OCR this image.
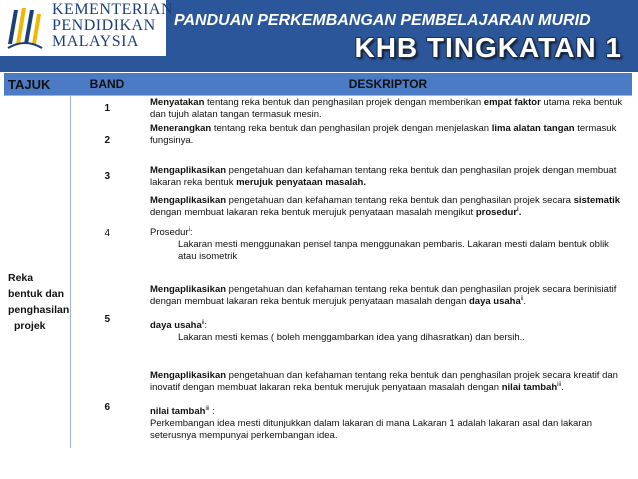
KEMENTERIAN
PENDIDIKAN
MALAYSIA
PANDUAN PERKEMBANGAN PEMBELAJARAN MURID
KHB TINGKATAN 1
TAJUK	BAND	DESKRIPTOR

Reka
bentuk dan
penghasilan
projek	1	Menyatakan tentang reka bentuk dan penghasilan projek dengan memberikan empat faktor utama reka bentuk dan tujuh alatan tangan termasuk mesin.
	2	Menerangkan tentang reka bentuk dan penghasilan projek dengan menjelaskan lima alatan tangan termasuk fungsinya.
	3	Mengaplikasikan pengetahuan dan kefahaman tentang reka bentuk dan penghasilan projek dengan membuat lakaran reka bentuk merujuk penyataan masalah.
	4	Mengaplikasikan pengetahuan dan kefahaman tentang reka bentuk dan penghasilan projek secara sistematik dengan membuat lakaran reka bentuk merujuk penyataan masalah mengikut prosedur$^i$.
Prosedur$^i$:
Lakaran mesti menggunakan pensel tanpa menggunakan pembaris. Lakaran mesti dalam bentuk oblik atau isometrik

	5	Mengaplikasikan pengetahuan dan kefahaman tentang reka bentuk dan penghasilan projek secara berinisiatif dengan membuat lakaran reka bentuk merujuk penyataan masalah dengan daya usaha$^{ii}$.
daya usaha$^{ii}$:
Lakaran mesti kemas ( boleh menggambarkan idea yang dihasratkan) dan bersih..

	6	Mengaplikasikan pengetahuan dan kefahaman tentang reka bentuk dan penghasilan projek secara kreatif dan inovatif dengan membuat lakaran reka bentuk merujuk penyataan masalah dengan nilai tambah$^{iii}$.
nilai tambah$^{iii}$ :
Perkembangan idea mesti ditunjukkan dalam lakaran di mana Lakaran 1 adalah lakaran asal dan lakaran seterusnya mempunyai perkembangan idea.
